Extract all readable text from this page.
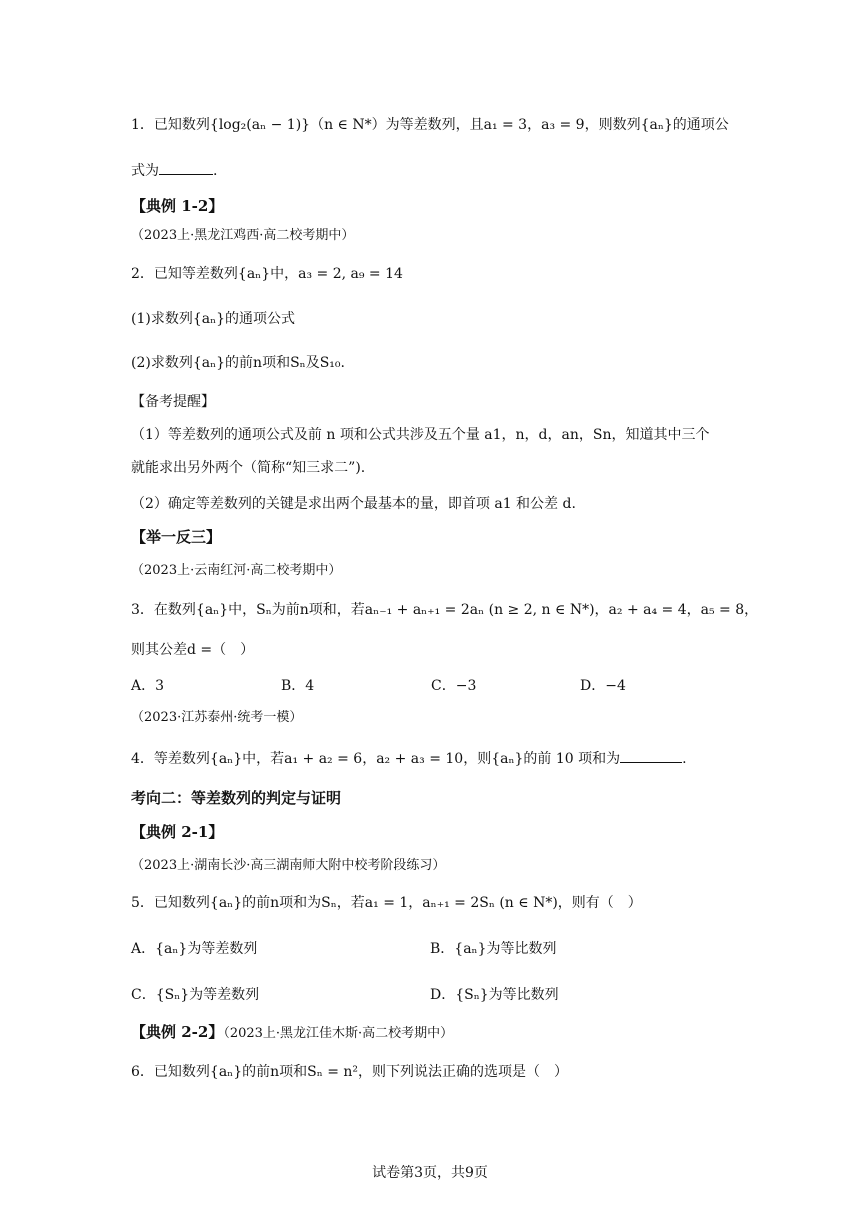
1．已知数列{log₂(aₙ − 1)}（n ∈ N*）为等差数列，且a₁ = 3，a₃ = 9，则数列{aₙ}的通项公
式为	.
【典例 1-2】
（2023上·黑龙江鸡西·高二校考期中）
2．已知等差数列{aₙ}中，a₃ = 2, a₉ = 14
(1)求数列{aₙ}的通项公式
(2)求数列{aₙ}的前n项和Sₙ及S₁₀.
【备考提醒】
（1）等差数列的通项公式及前 n 项和公式共涉及五个量 a1，n，d，an，Sn，知道其中三个
就能求出另外两个（简称“知三求二”).
（2）确定等差数列的关键是求出两个最基本的量，即首项 a1 和公差 d.
【举一反三】
（2023上·云南红河·高二校考期中）
3．在数列{aₙ}中，Sₙ为前n项和，若aₙ₋₁ + aₙ₊₁ = 2aₙ (n ≥ 2, n ∈ N*)，a₂ + a₄ = 4，a₅ = 8，
则其公差d =（　）
A．3	B．4	C．−3	D．−4
（2023·江苏泰州·统考一模）
4．等差数列{aₙ}中，若a₁ + a₂ = 6，a₂ + a₃ = 10，则{aₙ}的前 10 项和为	.
考向二：等差数列的判定与证明
【典例 2-1】
（2023上·湖南长沙·高三湖南师大附中校考阶段练习）
5．已知数列{aₙ}的前n项和为Sₙ，若a₁ = 1，aₙ₊₁ = 2Sₙ (n ∈ N*)，则有（　）
A．{aₙ}为等差数列	B．{aₙ}为等比数列
C．{Sₙ}为等差数列	D．{Sₙ}为等比数列
【典例 2-2】（2023上·黑龙江佳木斯·高二校考期中）
6．已知数列{aₙ}的前n项和Sₙ = n²，则下列说法正确的选项是（　）
试卷第3页，共9页
